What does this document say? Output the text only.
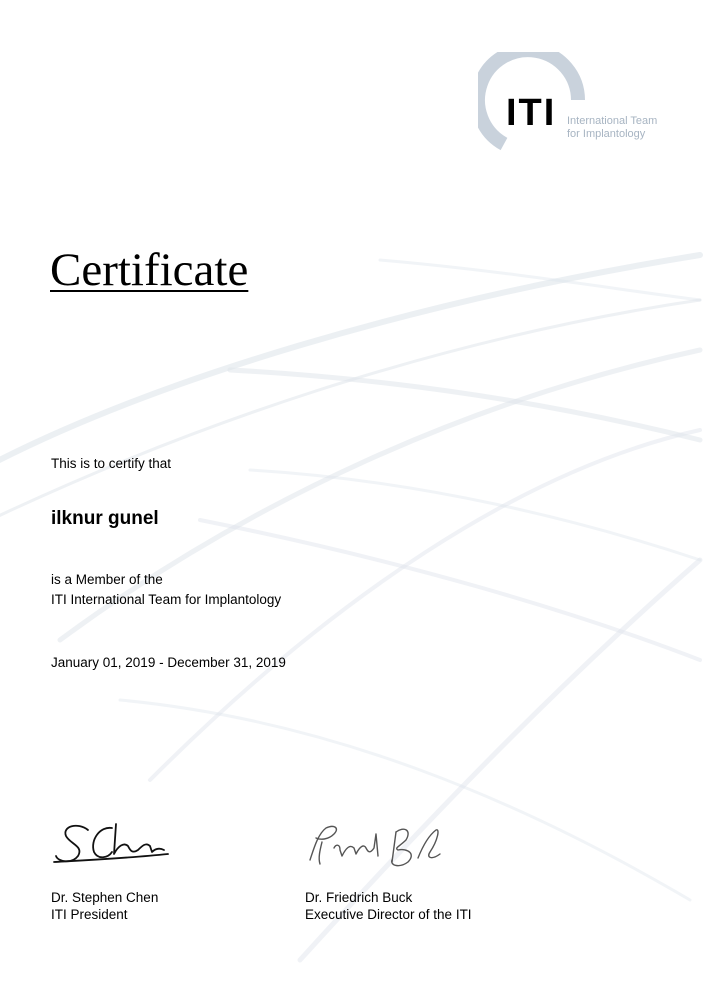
ITI International Team
for Implantology
Certificate
This is to certify that
ilknur gunel
is a Member of the
ITI International Team for Implantology
January 01, 2019 - December 31, 2019
Dr. Stephen Chen
ITI President
Dr. Friedrich Buck
Executive Director of the ITI
